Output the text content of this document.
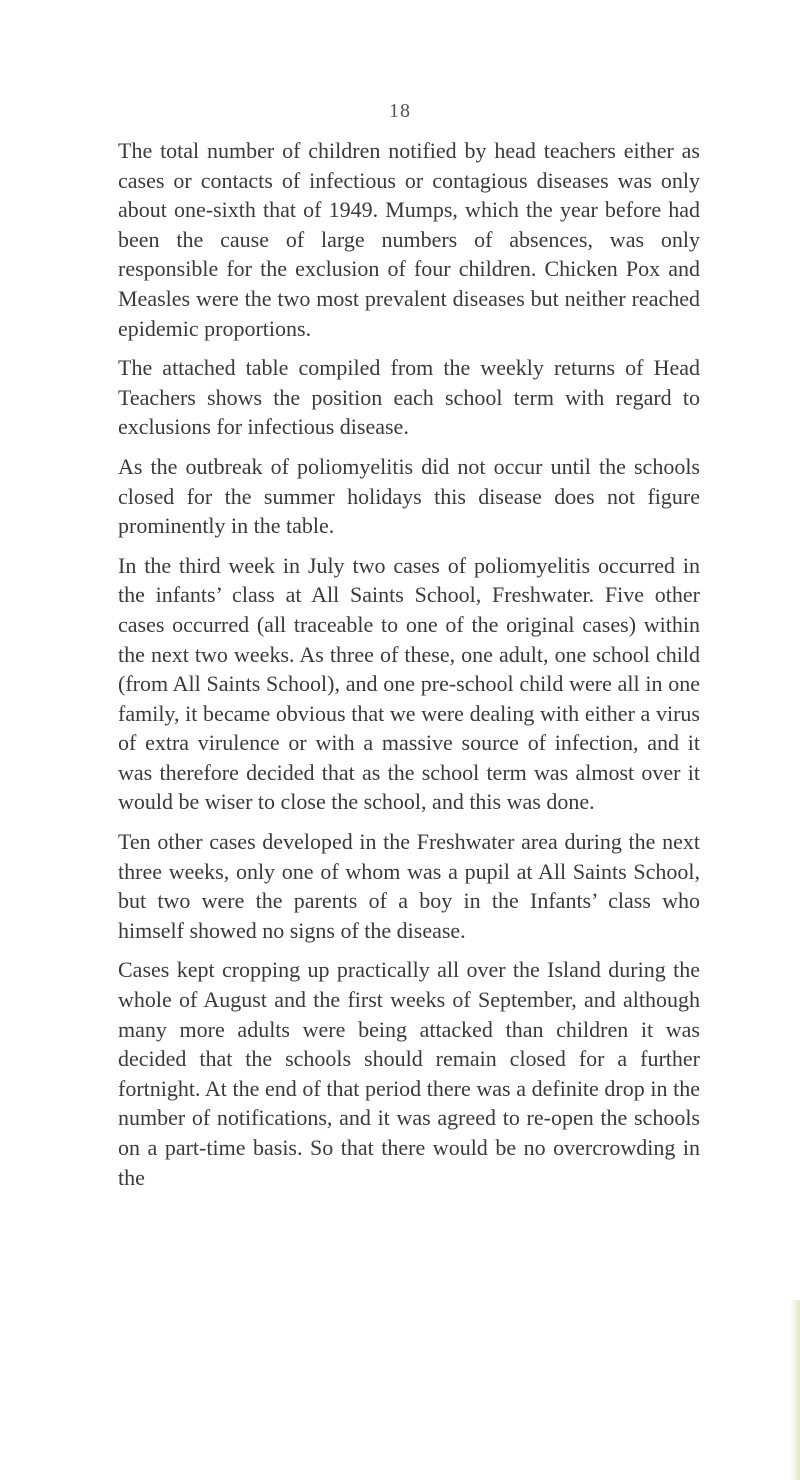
18

The total number of children notified by head teachers either as cases or contacts of infectious or contagious diseases was only about one-sixth that of 1949. Mumps, which the year before had been the cause of large numbers of absences, was only responsible for the exclusion of four children. Chicken Pox and Measles were the two most prevalent diseases but neither reached epidemic proportions.

The attached table compiled from the weekly returns of Head Teachers shows the position each school term with regard to exclusions for infectious disease.

As the outbreak of poliomyelitis did not occur until the schools closed for the summer holidays this disease does not figure prominently in the table.

In the third week in July two cases of poliomyelitis occurred in the infants’ class at All Saints School, Freshwater. Five other cases occurred (all traceable to one of the original cases) within the next two weeks. As three of these, one adult, one school child (from All Saints School), and one pre-school child were all in one family, it became obvious that we were dealing with either a virus of extra virulence or with a massive source of infection, and it was therefore decided that as the school term was almost over it would be wiser to close the school, and this was done.

Ten other cases developed in the Freshwater area during the next three weeks, only one of whom was a pupil at All Saints School, but two were the parents of a boy in the Infants’ class who himself showed no signs of the disease.

Cases kept cropping up practically all over the Island during the whole of August and the first weeks of September, and although many more adults were being attacked than children it was decided that the schools should remain closed for a further fortnight. At the end of that period there was a definite drop in the number of notifications, and it was agreed to re-open the schools on a part-time basis. So that there would be no overcrowding in the
